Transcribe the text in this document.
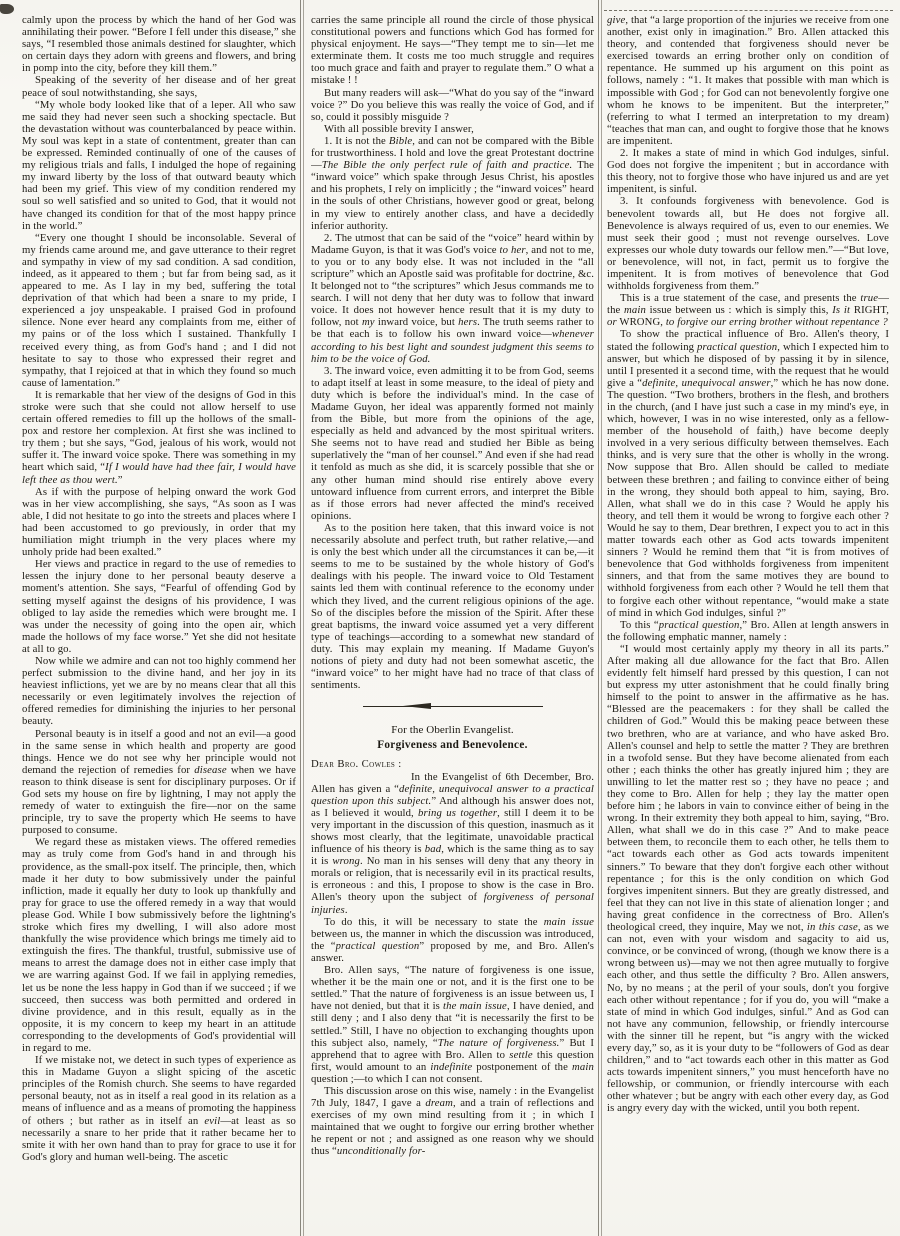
calmly upon the process by which the hand of her God was annihilating their power. “Before I fell under this disease,” she says, “I resembled those animals destined for slaughter, which on certain days they adorn with greens and flowers, and bring in pomp into the city, before they kill them.”

Speaking of the severity of her disease and of her great peace of soul notwithstanding, she says,

“My whole body looked like that of a leper. All who saw me said they had never seen such a shocking spectacle. But the devastation without was counterbalanced by peace within. My soul was kept in a state of contentment, greater than can be expressed. Reminded continually of one of the causes of my religious trials and falls, I indulged the hope of regaining my inward liberty by the loss of that outward beauty which had been my grief. This view of my condition rendered my soul so well satisfied and so united to God, that it would not have changed its condition for that of the most happy prince in the world.”

“Every one thought I should be inconsolable. Several of my friends came around me, and gave utterance to their regret and sympathy in view of my sad condition. A sad condition, indeed, as it appeared to them ; but far from being sad, as it appeared to me. As I lay in my bed, suffering the total deprivation of that which had been a snare to my pride, I experienced a joy unspeakable. I praised God in profound silence. None ever heard any complaints from me, either of my pains or of the loss which I sustained. Thankfully I received every thing, as from God's hand ; and I did not hesitate to say to those who expressed their regret and sympathy, that I rejoiced at that in which they found so much cause of lamentation.”

It is remarkable that her view of the designs of God in this stroke were such that she could not allow herself to use certain offered remedies to fill up the hollows of the small-pox and restore her complexion. At first she was inclined to try them ; but she says, “God, jealous of his work, would not suffer it. The inward voice spoke. There was something in my heart which said, “If I would have had thee fair, I would have left thee as thou wert.”

As if with the purpose of helping onward the work God was in her view accomplishing, she says, “As soon as I was able, I did not hesitate to go into the streets and places where I had been accustomed to go previously, in order that my humiliation might triumph in the very places where my unholy pride had been exalted.”

Her views and practice in regard to the use of remedies to lessen the injury done to her personal beauty deserve a moment's attention. She says, “Fearful of offending God by setting myself against the designs of his providence, I was obliged to lay aside the remedies which were brought me. I was under the necessity of going into the open air, which made the hollows of my face worse.” Yet she did not hesitate at all to go.

Now while we admire and can not too highly commend her perfect submission to the divine hand, and her joy in its heaviest inflictions, yet we are by no means clear that all this necessarily or even legitimately involves the rejection of offered remedies for diminishing the injuries to her personal beauty.

Personal beauty is in itself a good and not an evil—a good in the same sense in which health and property are good things. Hence we do not see why her principle would not demand the rejection of remedies for disease when we have reason to think disease is sent for disciplinary purposes. Or if God sets my house on fire by lightning, I may not apply the remedy of water to extinguish the fire—nor on the same principle, try to save the property which He seems to have purposed to consume.

We regard these as mistaken views. The offered remedies may as truly come from God's hand in and through his providence, as the small-pox itself. The principle, then, which made it her duty to bow submissively under the painful infliction, made it equally her duty to look up thankfully and pray for grace to use the offered remedy in a way that would please God. While I bow submissively before the lightning's stroke which fires my dwelling, I will also adore most thankfully the wise providence which brings me timely aid to extinguish the fires. The thankful, trustful, submissive use of means to arrest the damage does not in either case imply that we are warring against God. If we fail in applying remedies, let us be none the less happy in God than if we succeed ; if we succeed, then success was both permitted and ordered in divine providence, and in this result, equally as in the opposite, it is my concern to keep my heart in an attitude corresponding to the developments of God's providential will in regard to me.

If we mistake not, we detect in such types of experience as this in Madame Guyon a slight spicing of the ascetic principles of the Romish church. She seems to have regarded personal beauty, not as in itself a real good in its relation as a means of influence and as a means of promoting the happiness of others ; but rather as in itself an evil—at least as so necessarily a snare to her pride that it rather became her to smite it with her own hand than to pray for grace to use it for God's glory and human well-being. The ascetic

carries the same principle all round the circle of those physical constitutional powers and functions which God has formed for physical enjoyment. He says—“They tempt me to sin—let me exterminate them. It costs me too much struggle and requires too much grace and faith and prayer to regulate them.” O what a mistake ! !

But many readers will ask—“What do you say of the “inward voice ?” Do you believe this was really the voice of God, and if so, could it possibly misguide ?

With all possible brevity I answer,

1. It is not the Bible, and can not be compared with the Bible for trustworthiness. I hold and love the great Protestant doctrine—The Bible the only perfect rule of faith and practice. The “inward voice” which spake through Jesus Christ, his apostles and his prophets, I rely on implicitly ; the “inward voices” heard in the souls of other Christians, however good or great, belong in my view to entirely another class, and have a decidedly inferior authority.

2. The utmost that can be said of the “voice” heard within by Madame Guyon, is that it was God's voice to her, and not to me, to you or to any body else. It was not included in the “all scripture” which an Apostle said was profitable for doctrine, &c. It belonged not to “the scriptures” which Jesus commands me to search. I will not deny that her duty was to follow that inward voice. It does not however hence result that it is my duty to follow, not my inward voice, but hers. The truth seems rather to be that each is to follow his own inward voice—whenever according to his best light and soundest judgment this seems to him to be the voice of God.

3. The inward voice, even admitting it to be from God, seems to adapt itself at least in some measure, to the ideal of piety and duty which is before the individual's mind. In the case of Madame Guyon, her ideal was apparently formed not mainly from the Bible, but more from the opinions of the age, especially as held and advanced by the most spiritual writers. She seems not to have read and studied her Bible as being superlatively the “man of her counsel.” And even if she had read it tenfold as much as she did, it is scarcely possible that she or any other human mind should rise entirely above every untoward influence from current errors, and interpret the Bible as if those errors had never affected the mind's received opinions.

As to the position here taken, that this inward voice is not necessarily absolute and perfect truth, but rather relative,—and is only the best which under all the circumstances it can be,—it seems to me to be sustained by the whole history of God's dealings with his people. The inward voice to Old Testament saints led them with continual reference to the economy under which they lived, and the current religious opinions of the age. So of the disciples before the mission of the Spirit. After these great baptisms, the inward voice assumed yet a very different type of teachings—according to a somewhat new standard of duty. This may explain my meaning. If Madame Guyon's notions of piety and duty had not been somewhat ascetic, the “inward voice” to her might have had no trace of that class of sentiments.

For the Oberlin Evangelist.

Forgiveness and Benevolence.

Dear Bro. Cowles :

In the Evangelist of 6th December, Bro. Allen has given a “definite, unequivocal answer to a practical question upon this subject.” And although his answer does not, as I believed it would, bring us together, still I deem it to be very important in the discussion of this question, inasmuch as it shows most clearly, that the legitimate, unavoidable practical influence of his theory is bad, which is the same thing as to say it is wrong. No man in his senses will deny that any theory in morals or religion, that is necessarily evil in its practical results, is erroneous : and this, I propose to show is the case in Bro. Allen's theory upon the subject of forgiveness of personal injuries.

To do this, it will be necessary to state the main issue between us, the manner in which the discussion was introduced, the “practical question” proposed by me, and Bro. Allen's answer.

Bro. Allen says, “The nature of forgiveness is one issue, whether it be the main one or not, and it is the first one to be settled.” That the nature of forgiveness is an issue between us, I have not denied, but that it is the main issue, I have denied, and still deny ; and I also deny that “it is necessarily the first to be settled.” Still, I have no objection to exchanging thoughts upon this subject also, namely, “The nature of forgiveness.” But I apprehend that to agree with Bro. Allen to settle this question first, would amount to an indefinite postponement of the main question ;—to which I can not consent.

This discussion arose on this wise, namely : in the Evangelist 7th July, 1847, I gave a dream, and a train of reflections and exercises of my own mind resulting from it ; in which I maintained that we ought to forgive our erring brother whether he repent or not ; and assigned as one reason why we should thus “unconditionally for-

give, that “a large proportion of the injuries we receive from one another, exist only in imagination.” Bro. Allen attacked this theory, and contended that forgiveness should never be exercised towards an erring brother only on condition of repentance. He summed up his argument on this point as follows, namely : “1. It makes that possible with man which is impossible with God ; for God can not benevolently forgive one whom he knows to be impenitent. But the interpreter,” (referring to what I termed an interpretation to my dream) “teaches that man can, and ought to forgive those that he knows are impenitent.

2. It makes a state of mind in which God indulges, sinful. God does not forgive the impenitent ; but in accordance with this theory, not to forgive those who have injured us and are yet impenitent, is sinful.

3. It confounds forgiveness with benevolence. God is benevolent towards all, but He does not forgive all. Benevolence is always required of us, even to our enemies. We must seek their good ; must not revenge ourselves. Love expresses our whole duty towards our fellow men.”—“But love, or benevolence, will not, in fact, permit us to forgive the impenitent. It is from motives of benevolence that God withholds forgiveness from them.”

This is a true statement of the case, and presents the true—the main issue between us : which is simply this, Is it RIGHT, or WRONG, to forgive our erring brother without repentance ?

To show the practical influence of Bro. Allen's theory, I stated the following practical question, which I expected him to answer, but which he disposed of by passing it by in silence, until I presented it a second time, with the request that he would give a “definite, unequivocal answer,” which he has now done. The question. “Two brothers, brothers in the flesh, and brothers in the church, (and I have just such a case in my mind's eye, in which, however, I was in no wise interested, only as a fellow-member of the household of faith,) have become deeply involved in a very serious difficulty between themselves. Each thinks, and is very sure that the other is wholly in the wrong. Now suppose that Bro. Allen should be called to mediate between these brethren ; and failing to convince either of being in the wrong, they should both appeal to him, saying, Bro. Allen, what shall we do in this case ? Would he apply his theory, and tell them it would be wrong to forgive each other ? Would he say to them, Dear brethren, I expect you to act in this matter towards each other as God acts towards impenitent sinners ? Would he remind them that “it is from motives of benevolence that God withholds forgiveness from impenitent sinners, and that from the same motives they are bound to withhold forgiveness from each other ? Would he tell them that to forgive each other without repentance, “would make a state of mind in which God indulges, sinful ?”

To this “practical question,” Bro. Allen at length answers in the following emphatic manner, namely :

“I would most certainly apply my theory in all its parts.” After making all due allowance for the fact that Bro. Allen evidently felt himself hard pressed by this question, I can not but express my utter astonishment that he could finally bring himself to the point to answer in the affirmative as he has. “Blessed are the peacemakers : for they shall be called the children of God.” Would this be making peace between these two brethren, who are at variance, and who have asked Bro. Allen's counsel and help to settle the matter ? They are brethren in a twofold sense. But they have become alienated from each other ; each thinks the other has greatly injured him ; they are unwilling to let the matter rest so ; they have no peace ; and they come to Bro. Allen for help ; they lay the matter open before him ; he labors in vain to convince either of being in the wrong. In their extremity they both appeal to him, saying, “Bro. Allen, what shall we do in this case ?” And to make peace between them, to reconcile them to each other, he tells them to “act towards each other as God acts towards impenitent sinners.” To beware that they don't forgive each other without repentance ; for this is the only condition on which God forgives impenitent sinners. But they are greatly distressed, and feel that they can not live in this state of alienation longer ; and having great confidence in the correctness of Bro. Allen's theological creed, they inquire, May we not, in this case, as we can not, even with your wisdom and sagacity to aid us, convince, or be convinced of wrong, (though we know there is a wrong between us)—may we not then agree mutually to forgive each other, and thus settle the difficulty ? Bro. Allen answers, No, by no means ; at the peril of your souls, don't you forgive each other without repentance ; for if you do, you will “make a state of mind in which God indulges, sinful.” And as God can not have any communion, fellowship, or friendly intercourse with the sinner till he repent, but “is angry with the wicked every day,” so, as it is your duty to be “followers of God as dear children,” and to “act towards each other in this matter as God acts towards impenitent sinners,” you must henceforth have no fellowship, or communion, or friendly intercourse with each other whatever ; but be angry with each other every day, as God is angry every day with the wicked, until you both repent.
